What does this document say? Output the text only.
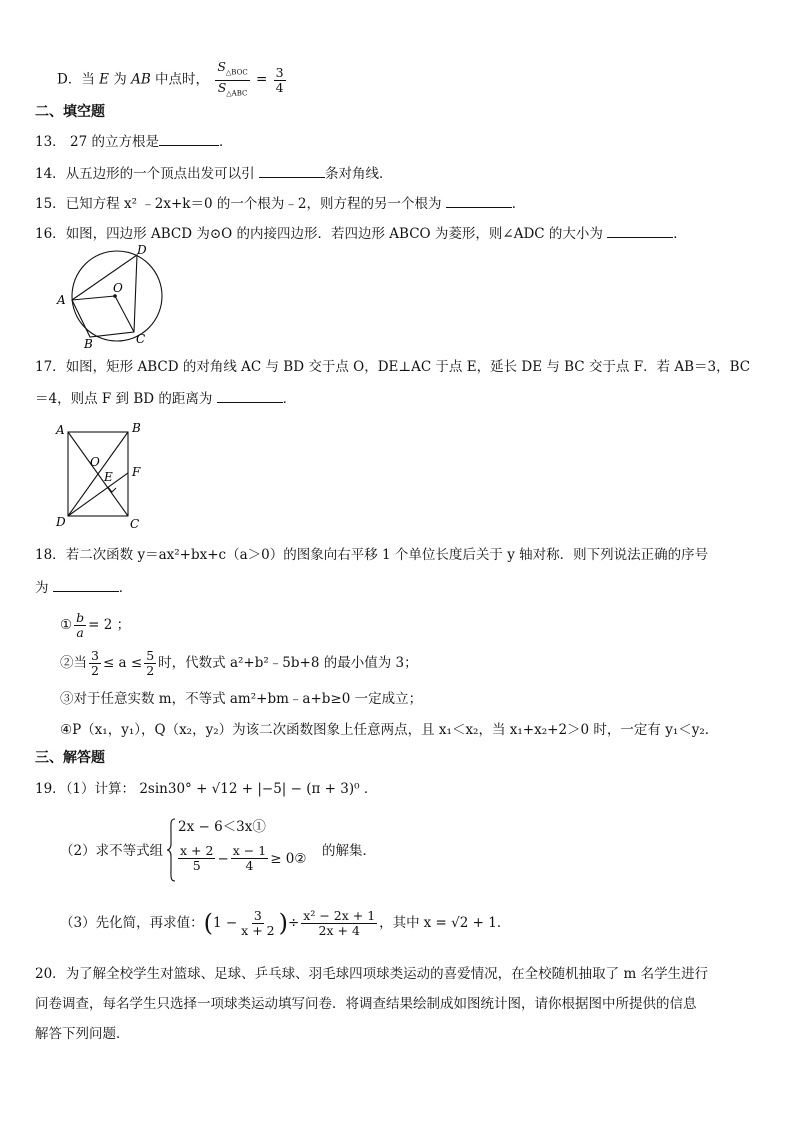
D．当 E 为 AB 中点时， $\frac{S_{\triangle BOC}}{S_{\triangle ABC}} = \frac{3}{4}$
二、填空题
13． 27 的立方根是	．
14．从五边形的一个顶点出发可以引	条对角线．
15．已知方程 x² ﹣2x+k＝0 的一个根为﹣2，则方程的另一个根为	．
16．如图，四边形 ABCD 为⊙O 的内接四边形．若四边形 ABCO 为菱形，则∠ADC 的大小为	．
D
A
O
B	C
17．如图，矩形 ABCD 的对角线 AC 与 BD 交于点 O，DE⊥AC 于点 E，延长 DE 与 BC 交于点 F．若 AB＝3，BC
＝4，则点 F 到 BD 的距离为	．
A	B
O
E F
D	C
18．若二次函数 y＝ax²+bx+c（a＞0）的图象向右平移 1 个单位长度后关于 y 轴对称．则下列说法正确的序号
为	．
① $\frac{b}{a} = 2$ ；
②当 $\frac{3}{2} \le a \le \frac{5}{2}$ 时，代数式 a²+b²﹣5b+8 的最小值为 3；
③对于任意实数 m，不等式 am²+bm﹣a+b≥0 一定成立；
④P（x₁，y₁），Q（x₂，y₂）为该二次函数图象上任意两点，且 x₁＜x₂，当 x₁+x₂+2＞0 时，一定有 y₁＜y₂．
三、解答题
19．（1）计算： 2sin30° + √12 + |−5| − (π + 3)⁰ ．
（2）求不等式组
2x − 6＜3x①
$\frac{x + 2}{5} - \frac{x - 1}{4}$ ≥ 0② 的解集．
（3）先化简，再求值： ( $1 - \frac{3}{x + 2}$ ) ÷ $\frac{\text{x² − 2x + 1}}{2x + 4}$ ，其中 x = √2 + 1 ．
20．为了解全校学生对篮球、足球、乒乓球、羽毛球四项球类运动的喜爱情况，在全校随机抽取了 m 名学生进行
问卷调查，每名学生只选择一项球类运动填写问卷．将调查结果绘制成如图统计图，请你根据图中所提供的信息
解答下列问题．
